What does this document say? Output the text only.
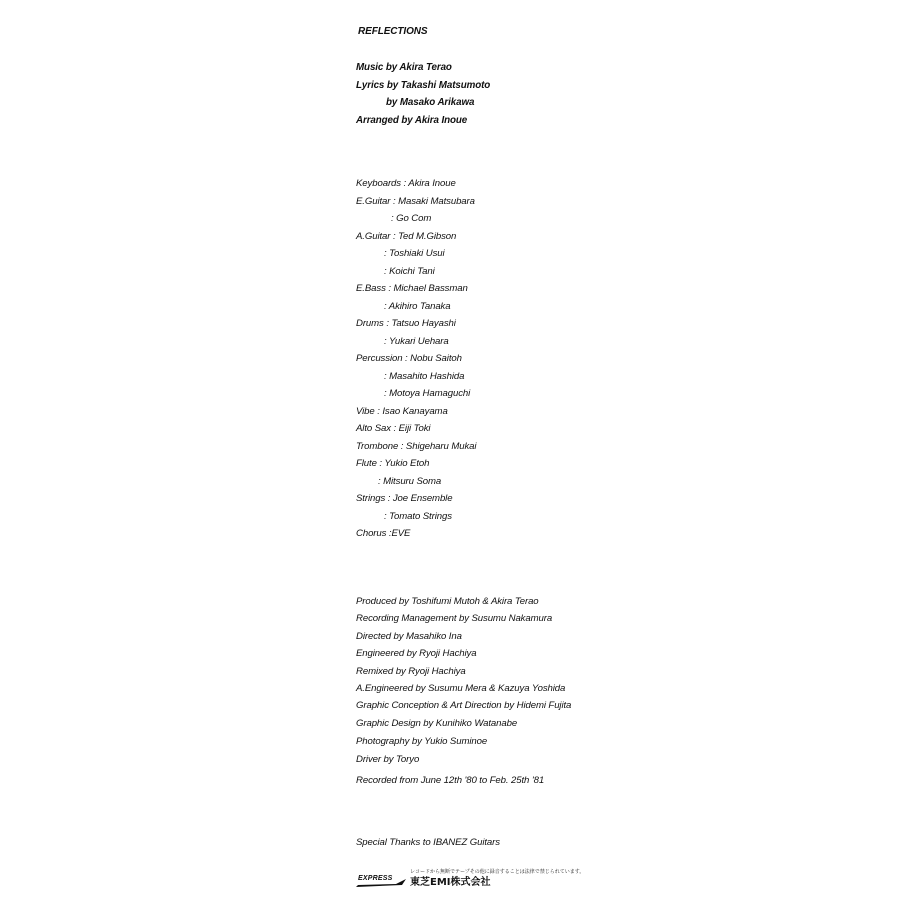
REFLECTIONS
Music by Akira Terao
Lyrics by Takashi Matsumoto
by Masako Arikawa
Arranged by Akira Inoue
Keyboards : Akira Inoue
E.Guitar : Masaki Matsubara
: Go Com
A.Guitar : Ted M.Gibson
: Toshiaki Usui
: Koichi Tani
E.Bass : Michael Bassman
: Akihiro Tanaka
Drums : Tatsuo Hayashi
: Yukari Uehara
Percussion : Nobu Saitoh
: Masahito Hashida
: Motoya Hamaguchi
Vibe : Isao Kanayama
Alto Sax : Eiji Toki
Trombone : Shigeharu Mukai
Flute : Yukio Etoh
: Mitsuru Soma
Strings : Joe Ensemble
: Tomato Strings
Chorus :EVE
Produced by Toshifumi Mutoh & Akira Terao
Recording Management by Susumu Nakamura
Directed by Masahiko Ina
Engineered by Ryoji Hachiya
Remixed by Ryoji Hachiya
A.Engineered by Susumu Mera & Kazuya Yoshida
Graphic Conception & Art Direction by Hidemi Fujita
Graphic Design by Kunihiko Watanabe
Photography by Yukio Suminoe
Driver by Toryo
Recorded from June 12th '80 to Feb. 25th '81
Special Thanks to IBANEZ Guitars
EXPRESS
レコードから無断でテープその他に録音することは法律で禁じられています。
東芝EMI株式会社
